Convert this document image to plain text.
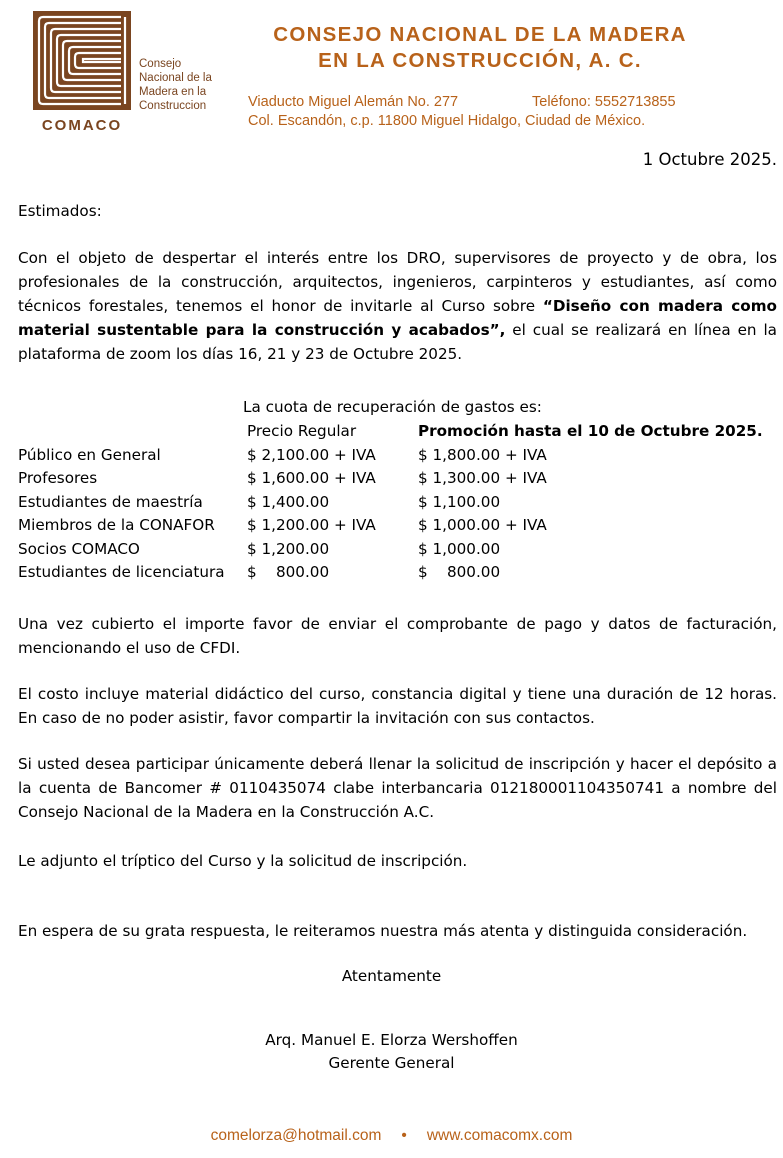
Consejo
Nacional de la
Madera en la
Construccion
COMACO
CONSEJO NACIONAL DE LA MADERA
EN LA CONSTRUCCIÓN, A. C.
Viaducto Miguel Alemán No. 277	Teléfono: 5552713855
Col. Escandón, c.p. 11800 Miguel Hidalgo, Ciudad de México.
1 Octubre 2025.
Estimados:

Con el objeto de despertar el interés entre los DRO, supervisores de proyecto y de obra, los profesionales de la construcción, arquitectos, ingenieros, carpinteros y estudiantes, así como técnicos forestales, tenemos el honor de invitarle al Curso sobre “Diseño con madera como material sustentable para la construcción y acabados”, el cual se realizará en línea en la plataforma de zoom los días 16, 21 y 23 de Octubre 2025.

La cuota de recuperación de gastos es:
	Precio Regular	Promoción hasta el 10 de Octubre 2025.
Público en General	$ 2,100.00 + IVA	$ 1,800.00 + IVA
Profesores	$ 1,600.00 + IVA	$ 1,300.00 + IVA
Estudiantes de maestría	$ 1,400.00	$ 1,100.00
Miembros de la CONAFOR	$ 1,200.00 + IVA	$ 1,000.00 + IVA
Socios COMACO	$ 1,200.00	$ 1,000.00
Estudiantes de licenciatura	$    800.00	$    800.00

Una vez cubierto el importe favor de enviar el comprobante de pago y datos de facturación, mencionando el uso de CFDI.

El costo incluye material didáctico del curso, constancia digital y tiene una duración de 12 horas. En caso de no poder asistir, favor compartir la invitación con sus contactos.

Si usted desea participar únicamente deberá llenar la solicitud de inscripción y hacer el depósito a la cuenta de Bancomer # 0110435074 clabe interbancaria 012180001104350741 a nombre del Consejo Nacional de la Madera en la Construcción A.C.

Le adjunto el tríptico del Curso y la solicitud de inscripción.

En espera de su grata respuesta, le reiteramos nuestra más atenta y distinguida consideración.

Atentamente
Arq. Manuel E. Elorza Wershoffen
Gerente General
comelorza@hotmail.com • www.comacomx.com
